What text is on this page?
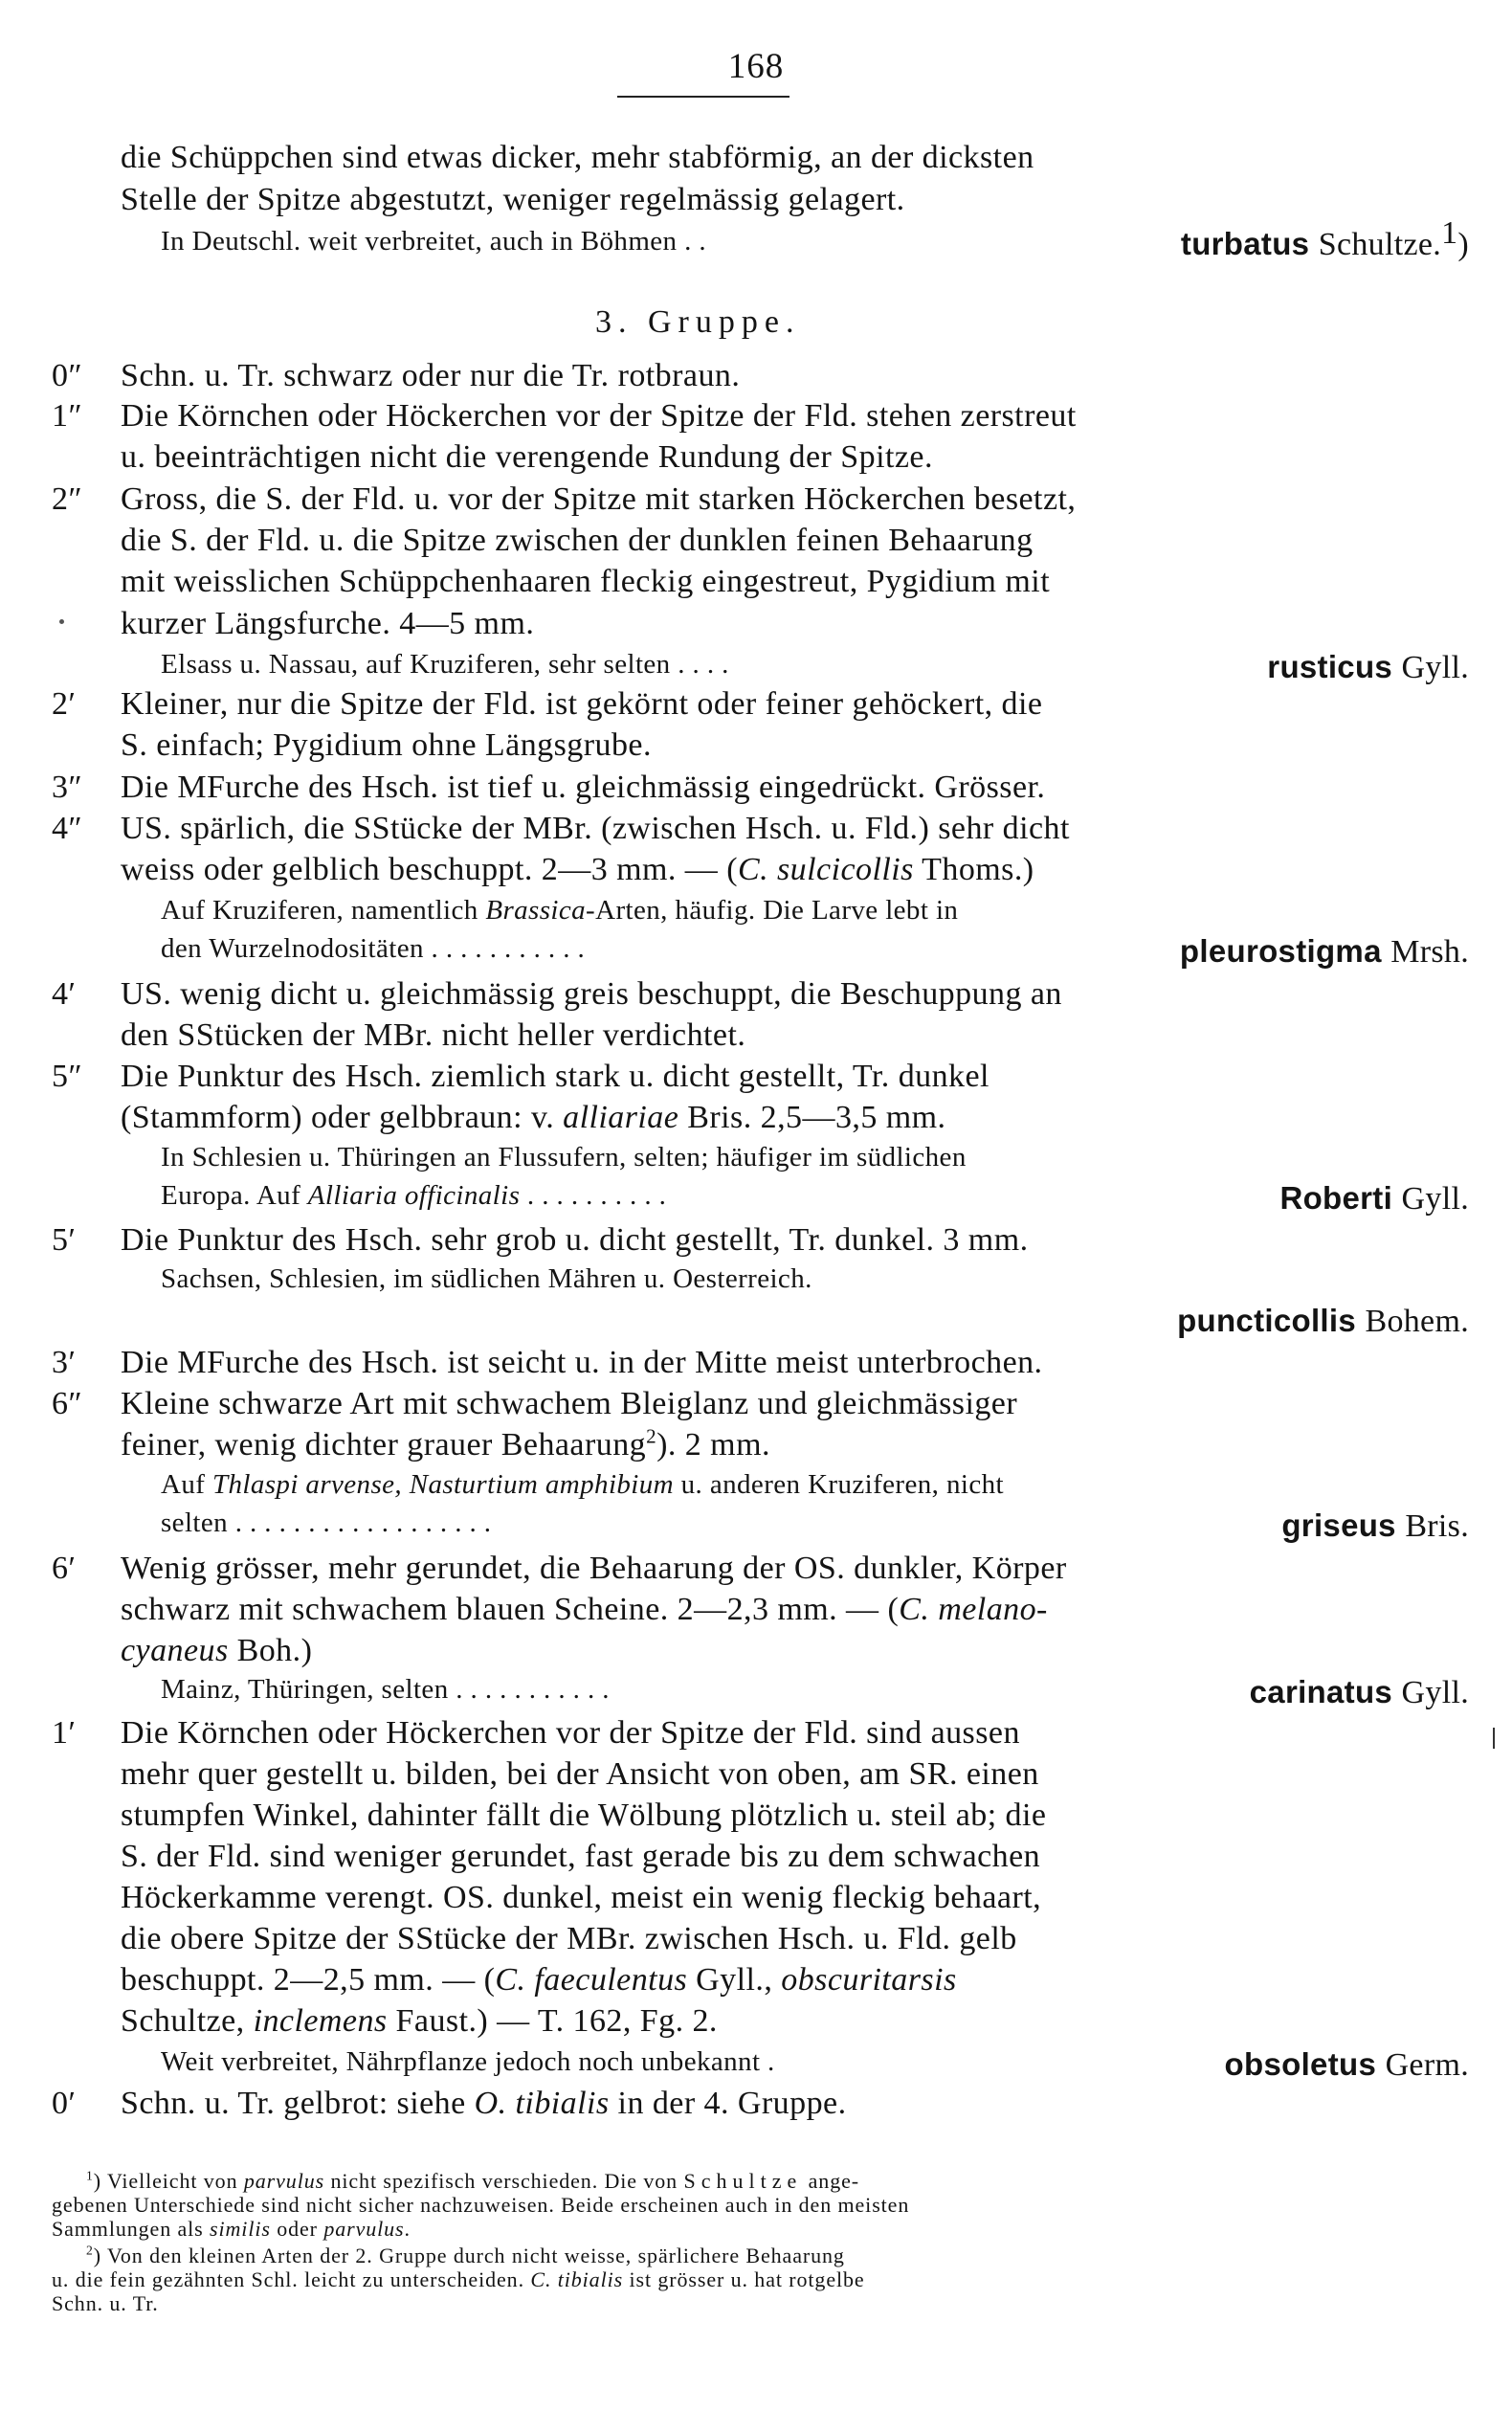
168
die Schüppchen sind etwas dicker, mehr stabförmig, an der dicksten
Stelle der Spitze abgestutzt, weniger regelmässig gelagert.
In Deutschl. weit verbreitet, auch in Böhmen . .	turbatus Schultze.1)
3. Gruppe.
0″ Schn. u. Tr. schwarz oder nur die Tr. rotbraun.
1″ Die Körnchen oder Höckerchen vor der Spitze der Fld. stehen zerstreut
u. beeinträchtigen nicht die verengende Rundung der Spitze.
2″ Gross, die S. der Fld. u. vor der Spitze mit starken Höckerchen besetzt,
die S. der Fld. u. die Spitze zwischen der dunklen feinen Behaarung
mit weisslichen Schüppchenhaaren fleckig eingestreut, Pygidium mit
kurzer Längsfurche. 4—5 mm.
Elsass u. Nassau, auf Kruziferen, sehr selten . . . .	rusticus Gyll.
2′ Kleiner, nur die Spitze der Fld. ist gekörnt oder feiner gehöckert, die
S. einfach; Pygidium ohne Längsgrube.
3″ Die MFurche des Hsch. ist tief u. gleichmässig eingedrückt. Grösser.
4″ US. spärlich, die SStücke der MBr. (zwischen Hsch. u. Fld.) sehr dicht
weiss oder gelblich beschuppt. 2—3 mm. — (C. sulcicollis Thoms.)
Auf Kruziferen, namentlich Brassica-Arten, häufig. Die Larve lebt in
den Wurzelnodositäten . . . . . . . . . . .	pleurostigma Mrsh.
4′ US. wenig dicht u. gleichmässig greis beschuppt, die Beschuppung an
den SStücken der MBr. nicht heller verdichtet.
5″ Die Punktur des Hsch. ziemlich stark u. dicht gestellt, Tr. dunkel
(Stammform) oder gelbbraun: v. alliariae Bris. 2,5—3,5 mm.
In Schlesien u. Thüringen an Flussufern, selten; häufiger im südlichen
Europa. Auf Alliaria officinalis . . . . . . . . . .	Roberti Gyll.
5′ Die Punktur des Hsch. sehr grob u. dicht gestellt, Tr. dunkel. 3 mm.
Sachsen, Schlesien, im südlichen Mähren u. Oesterreich.
puncticollis Bohem.
3′ Die MFurche des Hsch. ist seicht u. in der Mitte meist unterbrochen.
6″ Kleine schwarze Art mit schwachem Bleiglanz und gleichmässiger
feiner, wenig dichter grauer Behaarung$^2$). 2 mm.
Auf Thlaspi arvense, Nasturtium amphibium u. anderen Kruziferen, nicht
selten . . . . . . . . . . . . . . . . . .	griseus Bris.
6′ Wenig grösser, mehr gerundet, die Behaarung der OS. dunkler, Körper
schwarz mit schwachem blauen Scheine. 2—2,3 mm. — (C. melano-
cyaneus Boh.)
Mainz, Thüringen, selten . . . . . . . . . . .	carinatus Gyll.
1′ Die Körnchen oder Höckerchen vor der Spitze der Fld. sind aussen
mehr quer gestellt u. bilden, bei der Ansicht von oben, am SR. einen
stumpfen Winkel, dahinter fällt die Wölbung plötzlich u. steil ab; die
S. der Fld. sind weniger gerundet, fast gerade bis zu dem schwachen
Höckerkamme verengt. OS. dunkel, meist ein wenig fleckig behaart,
die obere Spitze der SStücke der MBr. zwischen Hsch. u. Fld. gelb
beschuppt. 2—2,5 mm. — (C. faeculentus Gyll., obscuritarsis
Schultze, inclemens Faust.) — T. 162, Fg. 2.
Weit verbreitet, Nährpflanze jedoch noch unbekannt .	obsoletus Germ.
0′ Schn. u. Tr. gelbrot: siehe O. tibialis in der 4. Gruppe.
$^1$) Vielleicht von parvulus nicht spezifisch verschieden. Die von Schultze ange-
gebenen Unterschiede sind nicht sicher nachzuweisen. Beide erscheinen auch in den meisten
Sammlungen als similis oder parvulus.
$^2$) Von den kleinen Arten der 2. Gruppe durch nicht weisse, spärlichere Behaarung
u. die fein gezähnten Schl. leicht zu unterscheiden. C. tibialis ist grösser u. hat rotgelbe
Schn. u. Tr.
